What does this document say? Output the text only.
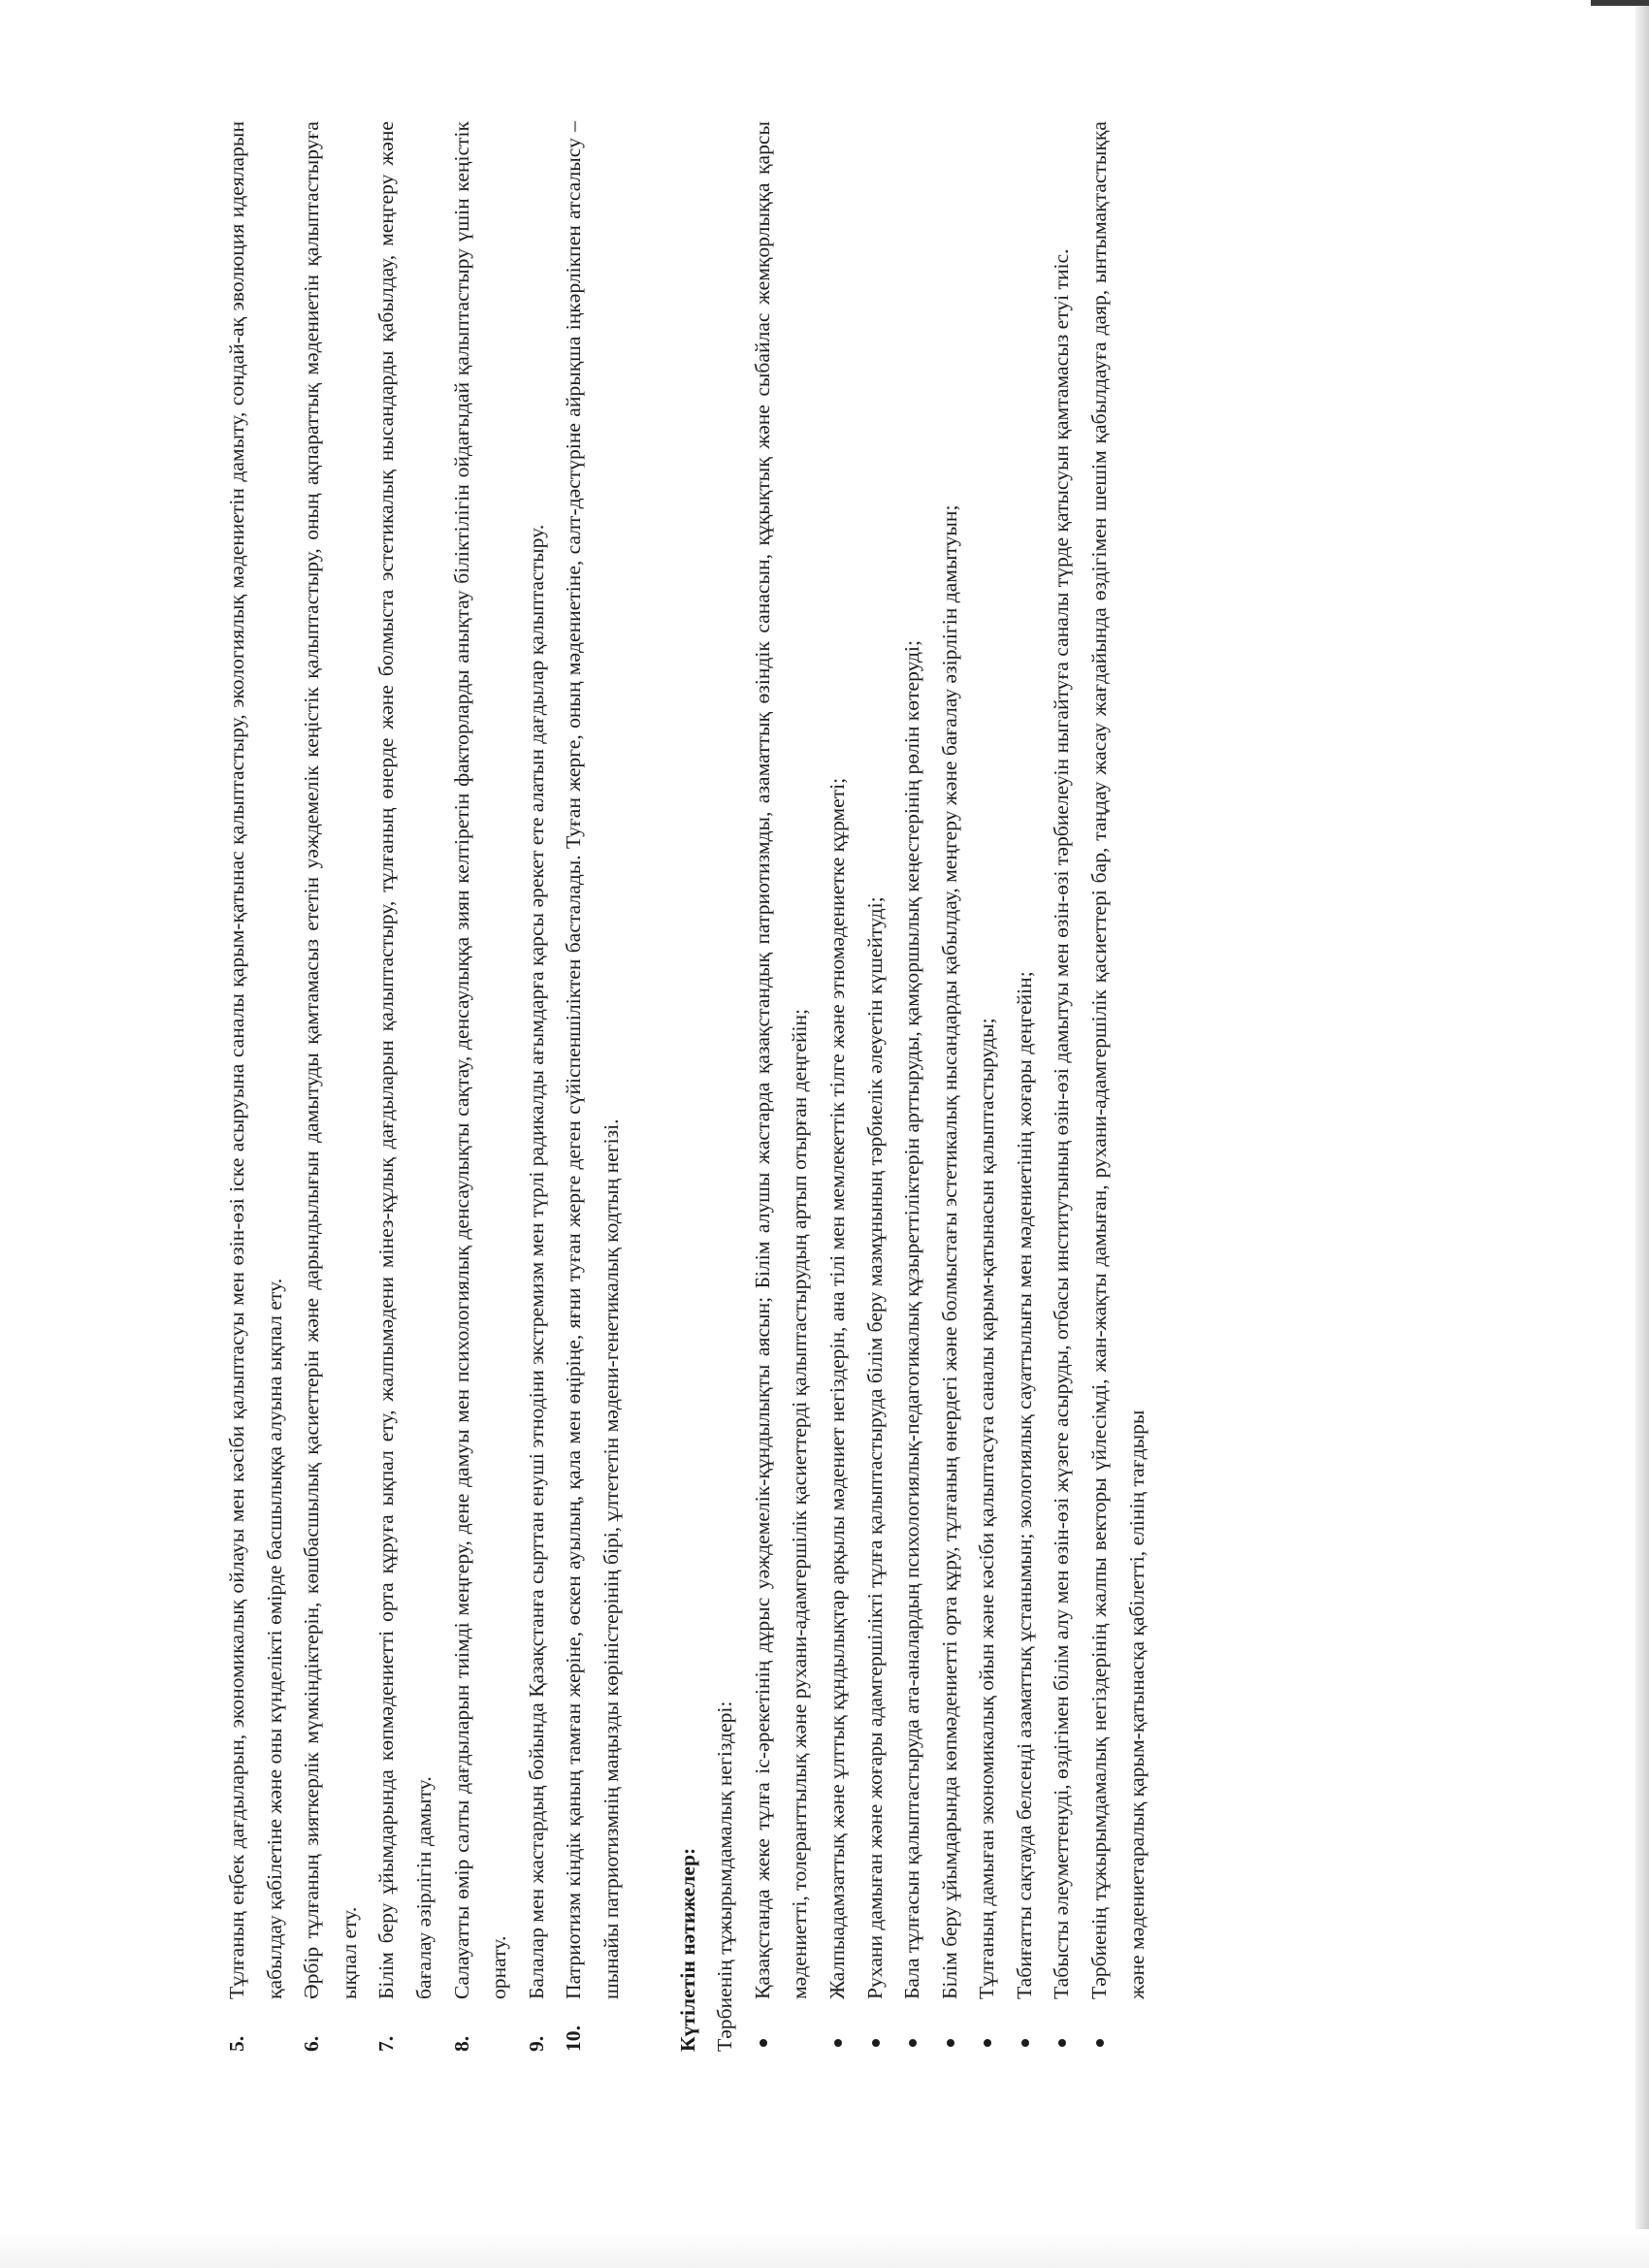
5.
Тұлғаның еңбек дағдыларын, экономикалық ойлауы мен кәсіби қалыптасуы мен өзін-өзі іске асыруына саналы қарым-қатынас қалыптастыру, экологиялық мәдениетін дамыту, сондай-ақ эволюция идеяларын қабылдау қабілетіне және оны күнделікті өмірде басшылыққа алуына ықпал ету.

6.
Әрбір тұлғаның зияткерлік мүмкіндіктерін, көшбасшылық қасиеттерін және дарындылығын дамытуды қамтамасыз ететін уәждемелік кеңістік қалыптастыру, оның ақпараттық мәдениетін қалыптастыруға ықпал ету.

7.
Білім беру ұйымдарында көпмәдениетті орта құруға ықпал ету, жалпымәдени мінез-құлық дағдыларын қалыптастыру, тұлғаның өнерде және болмыста эстетикалық нысандарды қабылдау, меңгеру және бағалау әзірлігін дамыту.

8.
Салауатты өмір салты дағдыларын тиімді меңгеру, дене дамуы мен психологиялық денсаулықты сақтау, денсаулыққа зиян келтіретін факторларды анықтау біліктілігін ойдағыдай қалыптастыру үшін кеңістік орнату.

9.
Балалар мен жастардың бойында Қазақстанға сырттан енуші этнодіни экстремизм мен түрлі радикалды ағымдарға қарсы әрекет ете алатын дағдылар қалыптастыру.

10.
Патриотизм кіндік қаның тамған жеріне, өскен ауылың, қала мен өңіріңе, яғни туған жерге деген сүйіспеншіліктен басталады. Туған жерге, оның мәдениетіне, салт-дәстүріне айрықша іңкәрлікпен атсалысу – шынайы патриотизмнің маңызды көріністерінің бірі, ұлтететін мәдени-генетикалық кодтың негізі.	Күтілетін нәтижелер: Тәрбиенің тұжырымдамалық негіздері: Қазақстанда жеке тұлға іс-әрекетінің дұрыс уәждемелік-құндылықты аясын; Білім алушы жастарда қазақстандық патриотизмды, азаматтық өзіндік санасын, құқықтық және сыбайлас жемқорлыққа қарсы мәдениетті, толеранттылық және рухани-адамгершілік қасиеттерді қалыптастырудың артып отырған деңгейін; Жалпыадамзаттық және ұлттық құндылықтар арқылы мәдениет негіздерін, ана тілі мен мемлекеттік тілге және этномәдениетке құрметі; Рухани дамыған және жоғары адамгершілікті тұлға қалыптастыруда білім беру мазмұнының тәрбиелік әлеуетін күшейтуді; Бала тұлғасын қалыптастыруда ата-аналардың психологиялық-педагогикалық құзыреттіліктерін арттыруды, қамқоршылық кеңестерінің рөлін көтеруді; Білім беру ұйымдарында көпмәдениетті орта құру, тұлғаның өнердегі және болмыстағы эстетикалық нысандарды қабылдау, меңгеру және бағалау әзірлігін дамытуын; Тұлғаның дамыған экономикалық ойын және кәсіби қалыптасуға саналы қарым-қатынасын қалыптастыруды; Табиғатты сақтауда белсенді азаматтық ұстанымын; экологиялық сауаттылығы мен мәдениетінің жоғары деңгейін; Табысты әлеуметтенуді, өздігімен білім алу мен өзін-өзі жүзеге асыруды, отбасы институтының өзін-өзі дамытуы мен өзін-өзі тәрбиелеуін ныгайтуға саналы түрде қатысуын қамтамасыз етуі тиіс. Тәрбиенің тұжырымдамалық негіздерінің жалпы векторы үйлесімді, жан-жақты дамыған, рухани-адамгершілік қасиеттері бар, таңдау жасау жағдайында өздігімен шешім қабылдауға даяр, ынтымақтастыққа және мәдениетаралық қарым-қатынасқа қабілетті, елінің тағдыры
